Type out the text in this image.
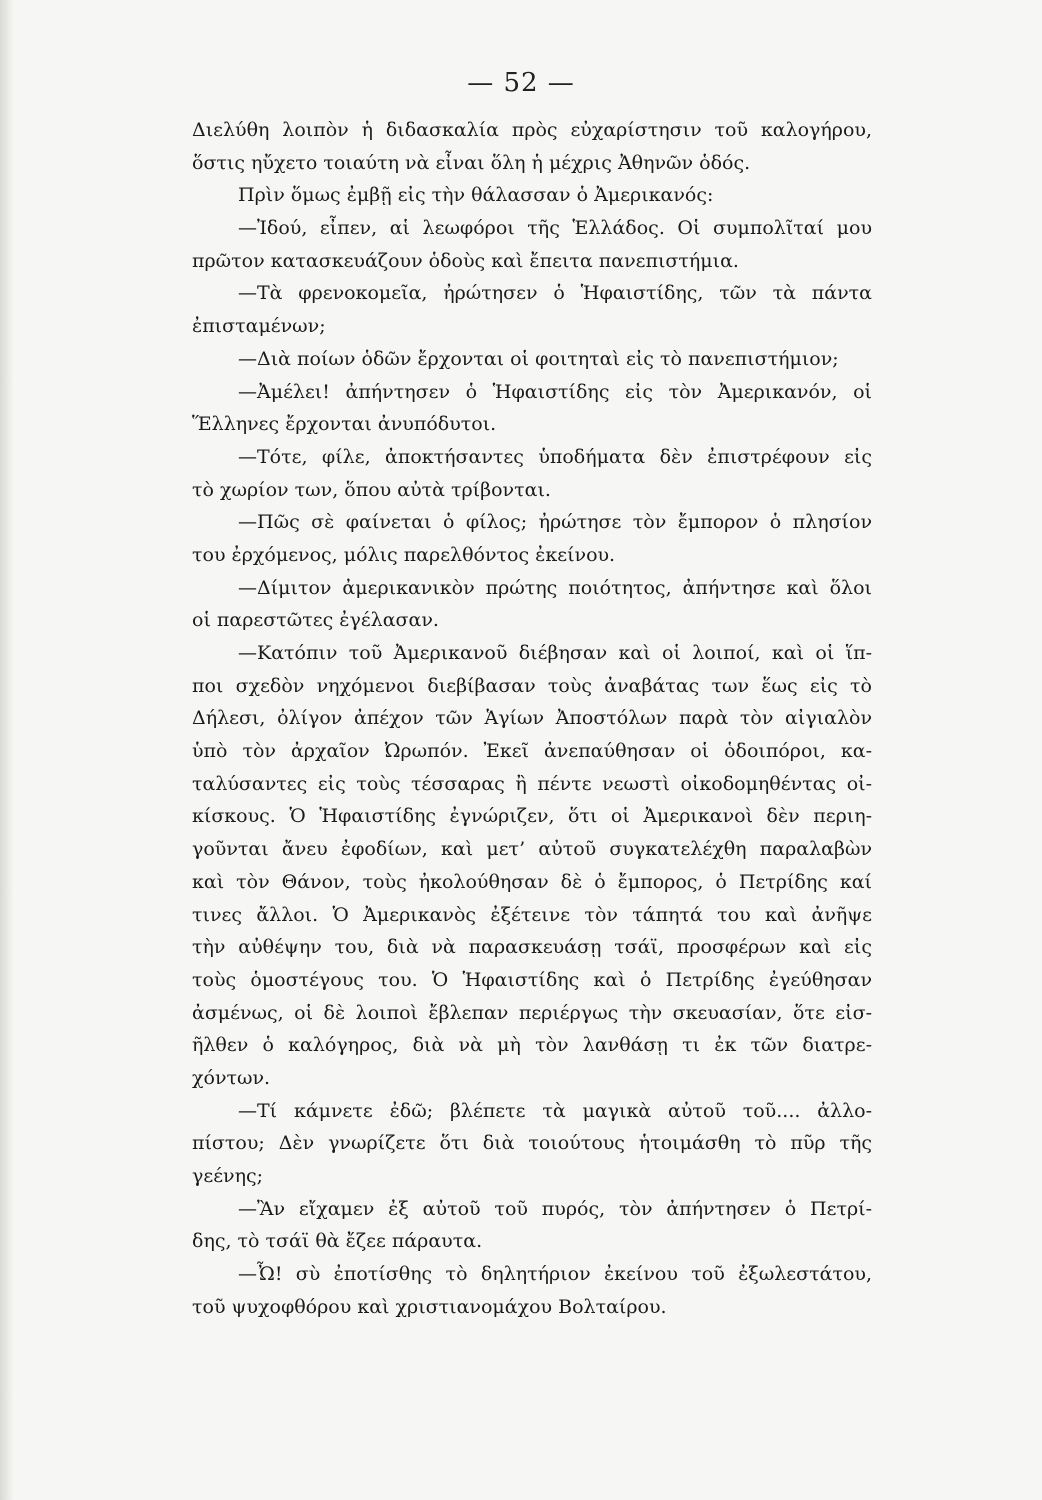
— 52 —
Διελύθη λοιπὸν ἡ διδασκαλία πρὸς εὐχαρίστησιν τοῦ καλογήρου,
ὅστις ηὔχετο τοιαύτη νὰ εἶναι ὅλη ἡ μέχρις Ἀθηνῶν ὁδός.
Πρὶν ὅμως ἐμβῇ εἰς τὴν θάλασσαν ὁ Ἀμερικανός:
—Ἰδού, εἶπεν, αἱ λεωφόροι τῆς Ἑλλάδος. Οἱ συμπολῖταί μου
πρῶτον κατασκευάζουν ὁδοὺς καὶ ἔπειτα πανεπιστήμια.
—Τὰ φρενοκομεῖα, ἠρώτησεν ὁ Ἡφαιστίδης, τῶν τὰ πάντα
ἐπισταμένων;
—Διὰ ποίων ὁδῶν ἔρχονται οἱ φοιτηταὶ εἰς τὸ πανεπιστήμιον;
—Ἀμέλει! ἀπήντησεν ὁ Ἡφαιστίδης εἰς τὸν Ἀμερικανόν, οἱ
Ἕλληνες ἔρχονται ἀνυπόδυτοι.
—Τότε, φίλε, ἀποκτήσαντες ὑποδήματα δὲν ἐπιστρέφουν εἰς
τὸ χωρίον των, ὅπου αὐτὰ τρίβονται.
—Πῶς σὲ φαίνεται ὁ φίλος; ἠρώτησε τὸν ἔμπορον ὁ πλησίον
του ἐρχόμενος, μόλις παρελθόντος ἐκείνου.
—Δίμιτον ἀμερικανικὸν πρώτης ποιότητος, ἀπήντησε καὶ ὅλοι
οἱ παρεστῶτες ἐγέλασαν.
—Κατόπιν τοῦ Ἀμερικανοῦ διέβησαν καὶ οἱ λοιποί, καὶ οἱ ἵπ-
ποι σχεδὸν νηχόμενοι διεβίβασαν τοὺς ἀναβάτας των ἕως εἰς τὸ
Δήλεσι, ὀλίγον ἀπέχον τῶν Ἁγίων Ἀποστόλων παρὰ τὸν αἰγιαλὸν
ὑπὸ τὸν ἀρχαῖον Ὠρωπόν. Ἐκεῖ ἀνεπαύθησαν οἱ ὁδοιπόροι, κα-
ταλύσαντες εἰς τοὺς τέσσαρας ἢ πέντε νεωστὶ οἰκοδομηθέντας οἰ-
κίσκους. Ὁ Ἡφαιστίδης ἐγνώριζεν, ὅτι οἱ Ἀμερικανοὶ δὲν περιη-
γοῦνται ἄνευ ἐφοδίων, καὶ μετ’ αὐτοῦ συγκατελέχθη παραλαβὼν
καὶ τὸν Θάνον, τοὺς ἠκολούθησαν δὲ ὁ ἔμπορος, ὁ Πετρίδης καί
τινες ἄλλοι. Ὁ Ἀμερικανὸς ἐξέτεινε τὸν τάπητά του καὶ ἀνῆψε
τὴν αὐθέψην του, διὰ νὰ παρασκευάσῃ τσάϊ, προσφέρων καὶ εἰς
τοὺς ὁμοστέγους του. Ὁ Ἡφαιστίδης καὶ ὁ Πετρίδης ἐγεύθησαν
ἀσμένως, οἱ δὲ λοιποὶ ἔβλεπαν περιέργως τὴν σκευασίαν, ὅτε εἰσ-
ῆλθεν ὁ καλόγηρος, διὰ νὰ μὴ τὸν λανθάσῃ τι ἐκ τῶν διατρε-
χόντων.
—Τί κάμνετε ἐδῶ; βλέπετε τὰ μαγικὰ αὐτοῦ τοῦ.... ἀλλο-
πίστου; Δὲν γνωρίζετε ὅτι διὰ τοιούτους ἡτοιμάσθη τὸ πῦρ τῆς
γεένης;
—Ἂν εἴχαμεν ἐξ αὐτοῦ τοῦ πυρός, τὸν ἀπήντησεν ὁ Πετρί-
δης, τὸ τσάϊ θὰ ἔζεε πάραυτα.
—Ὦ! σὺ ἐποτίσθης τὸ δηλητήριον ἐκείνου τοῦ ἐξωλεστάτου,
τοῦ ψυχοφθόρου καὶ χριστιανομάχου Βολταίρου.
